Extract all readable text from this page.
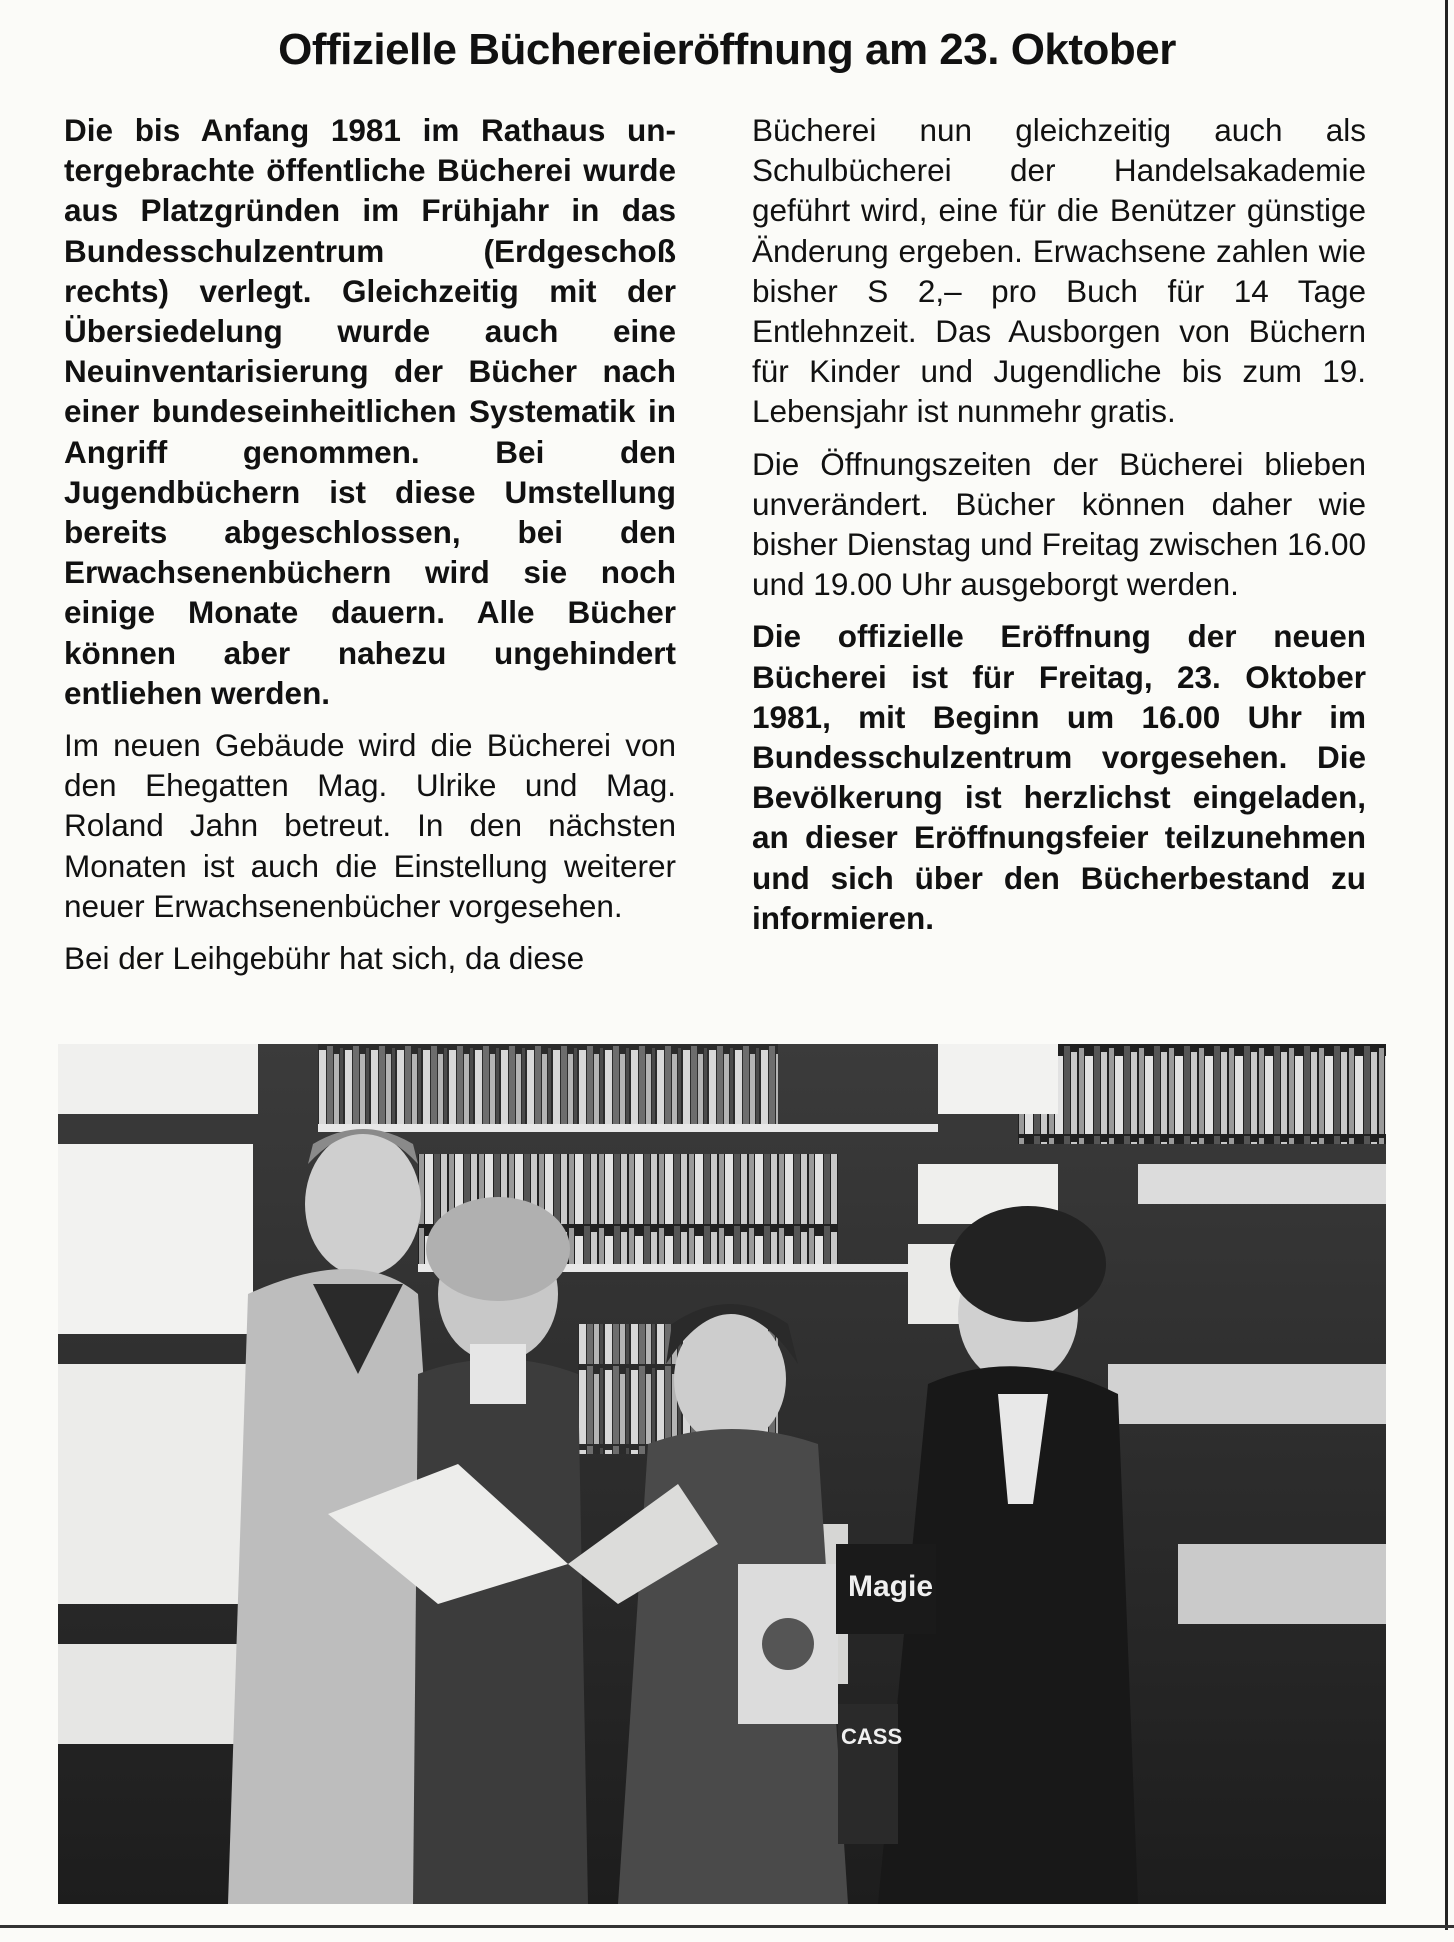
Offizielle Büchereieröffnung am 23. Oktober

Die bis Anfang 1981 im Rathaus untergebrachte öffentliche Bücherei wurde aus Platzgründen im Frühjahr in das Bundesschulzentrum (Erdgeschoß rechts) verlegt. Gleichzeitig mit der Übersiedelung wurde auch eine Neuinventarisierung der Bücher nach einer bundeseinheitlichen Systematik in Angriff genommen. Bei den Jugendbüchern ist diese Umstellung bereits abgeschlossen, bei den Erwachsenenbüchern wird sie noch einige Monate dauern. Alle Bücher können aber nahezu ungehindert entliehen werden.

Im neuen Gebäude wird die Bücherei von den Ehegatten Mag. Ulrike und Mag. Roland Jahn betreut. In den nächsten Monaten ist auch die Einstellung weiterer neuer Erwachsenenbücher vorgesehen.

Bei der Leihgebühr hat sich, da diese

Bücherei nun gleichzeitig auch als Schulbücherei der Handelsakademie geführt wird, eine für die Benützer günstige Änderung ergeben. Erwachsene zahlen wie bisher S 2,– pro Buch für 14 Tage Entlehnzeit. Das Ausborgen von Büchern für Kinder und Jugendliche bis zum 19. Lebensjahr ist nunmehr gratis.

Die Öffnungszeiten der Bücherei blieben unverändert. Bücher können daher wie bisher Dienstag und Freitag zwischen 16.00 und 19.00 Uhr ausgeborgt werden.

Die offizielle Eröffnung der neuen Bücherei ist für Freitag, 23. Oktober 1981, mit Beginn um 16.00 Uhr im Bundesschulzentrum vorgesehen. Die Bevölkerung ist herzlichst eingeladen, an dieser Eröffnungsfeier teilzunehmen und sich über den Bücherbestand zu informieren.

Magie
CASS
